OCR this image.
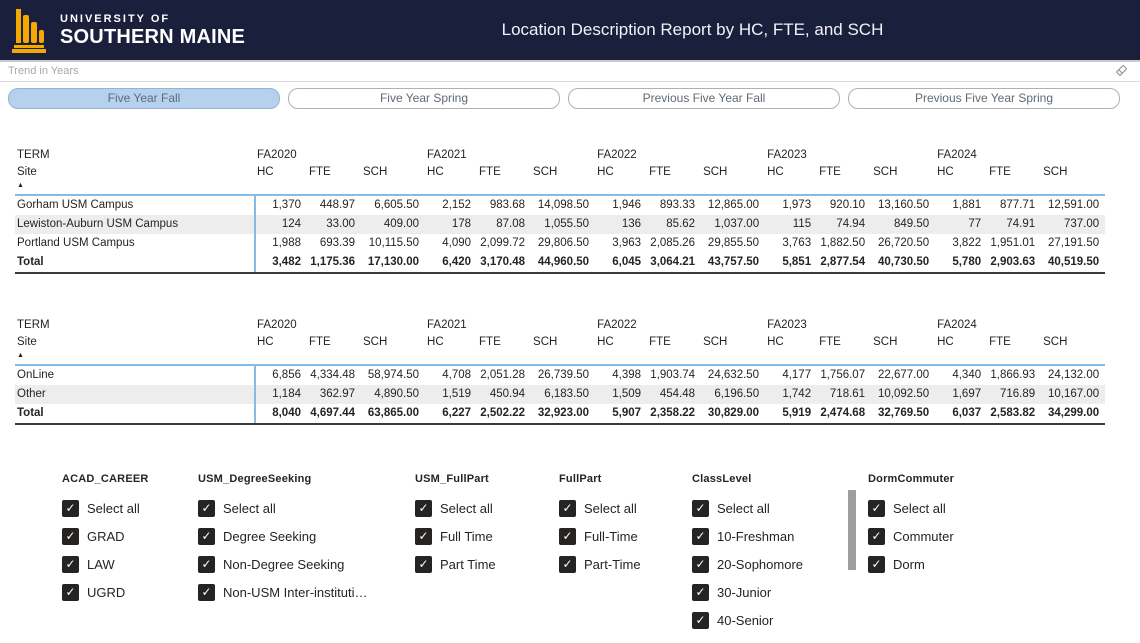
UNIVERSITY OF
SOUTHERN MAINE	Location Description Report by HC, FTE, and SCH
Trend in Years
Five Year Fall	Five Year Spring	Previous Five Year Fall	Previous Five Year Spring
TERM	FA2020			FA2021			FA2022			FA2023			FA2024		

Site
▲	HC	FTE	SCH	HC	FTE	SCH	HC	FTE	SCH	HC	FTE	SCH	HC	FTE	SCH
Gorham USM Campus	1,370	448.97	6,605.50	2,152	983.68	14,098.50	1,946	893.33	12,865.00	1,973	920.10	13,160.50	1,881	877.71	12,591.00
Lewiston-Auburn USM Campus	124	33.00	409.00	178	87.08	1,055.50	136	85.62	1,037.00	115	74.94	849.50	77	74.91	737.00
Portland USM Campus	1,988	693.39	10,115.50	4,090	2,099.72	29,806.50	3,963	2,085.26	29,855.50	3,763	1,882.50	26,720.50	3,822	1,951.01	27,191.50
Total	3,482	1,175.36	17,130.00	6,420	3,170.48	44,960.50	6,045	3,064.21	43,757.50	5,851	2,877.54	40,730.50	5,780	2,903.63	40,519.50
TERM	FA2020			FA2021			FA2022			FA2023			FA2024		

Site
▲	HC	FTE	SCH	HC	FTE	SCH	HC	FTE	SCH	HC	FTE	SCH	HC	FTE	SCH
OnLine	6,856	4,334.48	58,974.50	4,708	2,051.28	26,739.50	4,398	1,903.74	24,632.50	4,177	1,756.07	22,677.00	4,340	1,866.93	24,132.00
Other	1,184	362.97	4,890.50	1,519	450.94	6,183.50	1,509	454.48	6,196.50	1,742	718.61	10,092.50	1,697	716.89	10,167.00
Total	8,040	4,697.44	63,865.00	6,227	2,502.22	32,923.00	5,907	2,358.22	30,829.00	5,919	2,474.68	32,769.50	6,037	2,583.82	34,299.00
ACAD_CAREER
✓ Select all
✓ GRAD
✓ LAW
✓ UGRD
USM_DegreeSeeking
✓ Select all
✓ Degree Seeking
✓ Non-Degree Seeking
✓ Non-USM Inter-instituti…
USM_FullPart
✓ Select all
✓ Full Time
✓ Part Time
FullPart
✓ Select all
✓ Full-Time
✓ Part-Time
ClassLevel
✓ Select all
✓ 10-Freshman
✓ 20-Sophomore
✓ 30-Junior
✓ 40-Senior
DormCommuter
✓ Select all
✓ Commuter
✓ Dorm
